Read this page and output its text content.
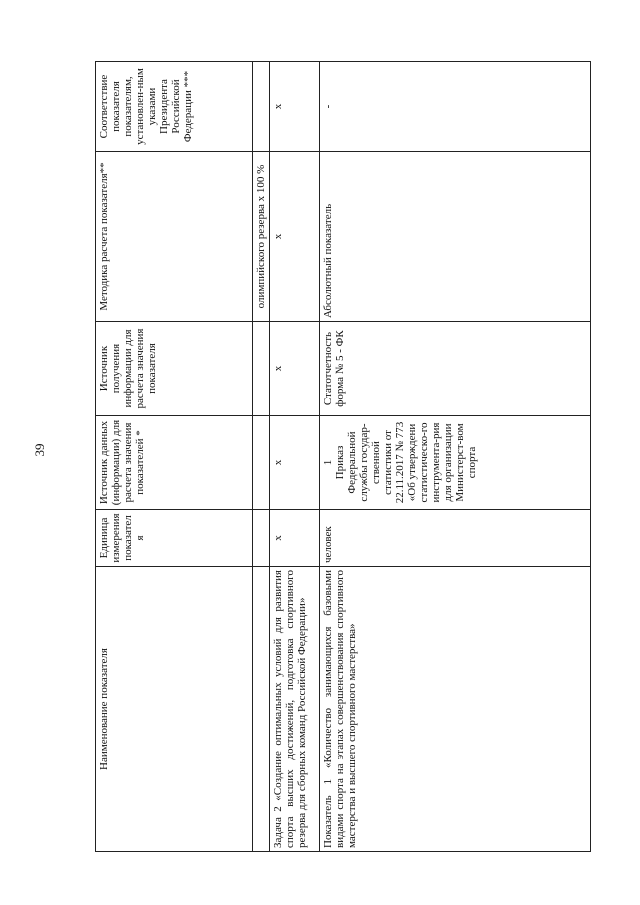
39
Наименование показателя	Единица измерения показателя	Источник данных (информации) для расчета значения показателей *	Источник получения информации для расчета значения показателя	Методика расчета показателя**	Соответствие показателя показателям, установлен-ным указами Президента Российской Федерации ***
				олимпийского резерва х 100 %	
Задача 2 «Создание оптимальных условий для развития спорта высших достижений, подготовка спортивного резерва для сборных команд Российской Федерации»	х	х	х	х	х
Показатель 1 «Количество занимающихся базовыми видами спорта на этапах совершенствования спортивного мастерства и высшего спортивного мастерства»	человек	1 Приказ Федеральной службы государ-ственной статистики от 22.11.2017 № 773 «Об утверждени статистическо-го инструмента-рия для организации Министерст-вом спорта	Статотчетность форма № 5 - ФК	Абсолютный показатель	-
